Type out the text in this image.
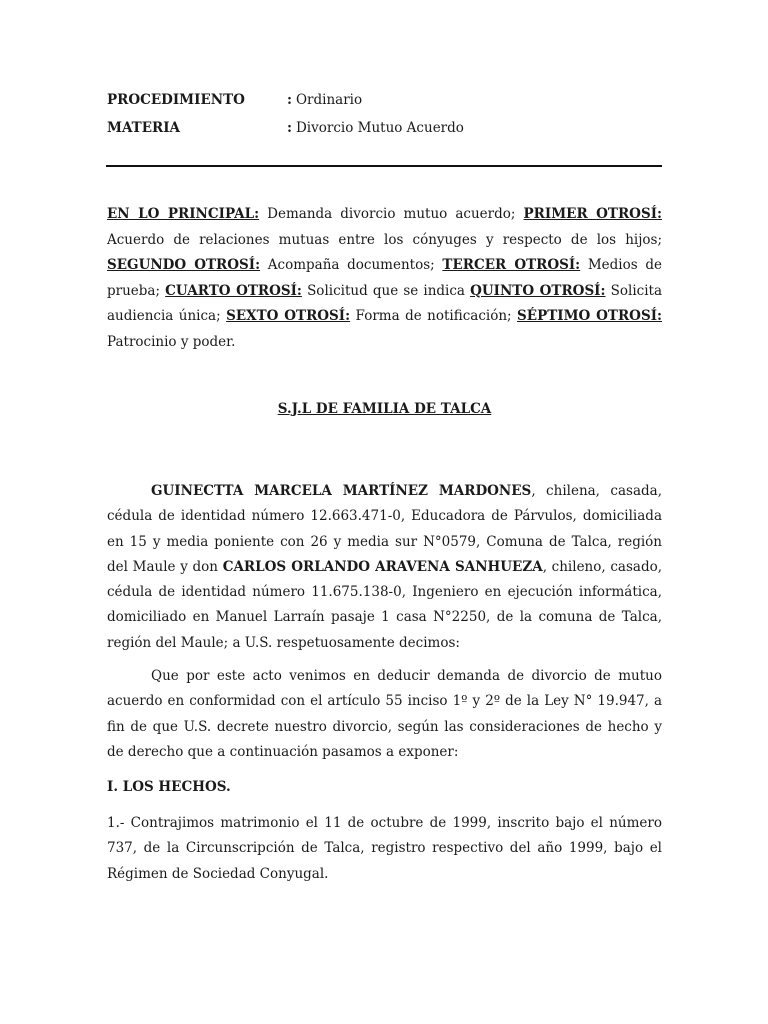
PROCEDIMIENTO	: Ordinario
MATERIA	: Divorcio Mutuo Acuerdo
EN LO PRINCIPAL: Demanda divorcio mutuo acuerdo; PRIMER OTROSÍ: Acuerdo de relaciones mutuas entre los cónyuges y respecto de los hijos; SEGUNDO OTROSÍ: Acompaña documentos; TERCER OTROSÍ: Medios de prueba; CUARTO OTROSÍ: Solicitud que se indica QUINTO OTROSÍ: Solicita audiencia única; SEXTO OTROSÍ: Forma de notificación; SÉPTIMO OTROSÍ: Patrocinio y poder.
S.J.L DE FAMILIA DE TALCA
GUINECTTA MARCELA MARTÍNEZ MARDONES, chilena, casada, cédula de identidad número 12.663.471-0, Educadora de Párvulos, domiciliada en 15 y media poniente con 26 y media sur N°0579, Comuna de Talca, región del Maule y don CARLOS ORLANDO ARAVENA SANHUEZA, chileno, casado, cédula de identidad número 11.675.138-0, Ingeniero en ejecución informática, domiciliado en Manuel Larraín pasaje 1 casa N°2250, de la comuna de Talca, región del Maule; a U.S. respetuosamente decimos:
Que por este acto venimos en deducir demanda de divorcio de mutuo acuerdo en conformidad con el artículo 55 inciso 1º y 2º de la Ley N° 19.947, a fin de que U.S. decrete nuestro divorcio, según las consideraciones de hecho y de derecho que a continuación pasamos a exponer:
I. LOS HECHOS.
1.- Contrajimos matrimonio el 11 de octubre de 1999, inscrito bajo el número 737, de la Circunscripción de Talca, registro respectivo del año 1999, bajo el Régimen de Sociedad Conyugal.
